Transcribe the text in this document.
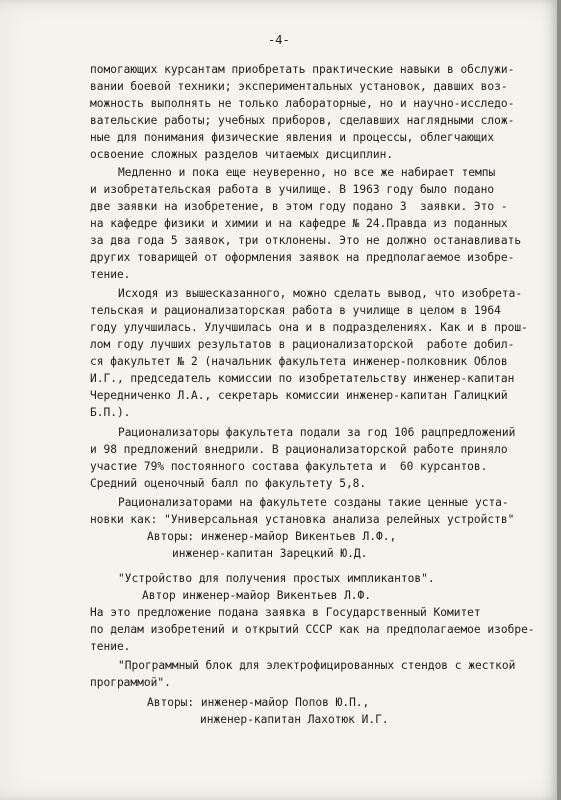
-4-
помогающих курсантам приобретать практические навыки в обслужи-
вании боевой техники; экспериментальных установок, давших воз-
можность выполнять не только лабораторные, но и научно-исследо-
вательские работы; учебных приборов, сделавших наглядными слож-
ные для понимания физические явления и процессы, облегчающих
освоение сложных разделов читаемых дисциплин.
Медленно и пока еще неуверенно, но все же набирает темпы
и изобретательская работа в училище. В 1963 году было подано
две заявки на изобретение, в этом году подано 3  заявки. Это -
на кафедре физики и химии и на кафедре № 24.Правда из поданных
за два года 5 заявок, три отклонены. Это не должно останавливать
других товарищей от оформления заявок на предполагаемое изобре-
тение.
Исходя из вышесказанного, можно сделать вывод, что изобрета-
тельская и рационализаторская работа в училище в целом в 1964
году улучшилась. Улучшилась она и в подразделениях. Как и в прош-
лом году лучших результатов в рационализаторской  работе добил-
ся факультет № 2 (начальник факультета инженер-полковник Облов
И.Г., председатель комиссии по изобретательству инженер-капитан
Чередниченко Л.А., секретарь комиссии инженер-капитан Галицкий
Б.П.).
Рационализаторы факультета подали за год 106 рацпредложений
и 98 предложений внедрили. В рационализаторской работе приняло
участие 79% постоянного состава факультета и  60 курсантов.
Средний оценочный балл по факультету 5,8.
Рационализаторами на факультете созданы такие ценные уста-
новки как: "Универсальная установка анализа релейных устройств"
Авторы: инженер-майор Викентьев Л.Ф.,
инженер-капитан Зарецкий Ю.Д.
"Устройство для получения простых импликантов".
Автор инженер-майор Викентьев Л.Ф.
На это предложение подана заявка в Государственный Комитет
по делам изобретений и открытий СССР как на предполагаемое изобре-
тение.
"Программный блок для электрофицированных стендов с жесткой
программой".
Авторы: инженер-майор Попов Ю.П.,
инженер-капитан Лахотюк И.Г.
